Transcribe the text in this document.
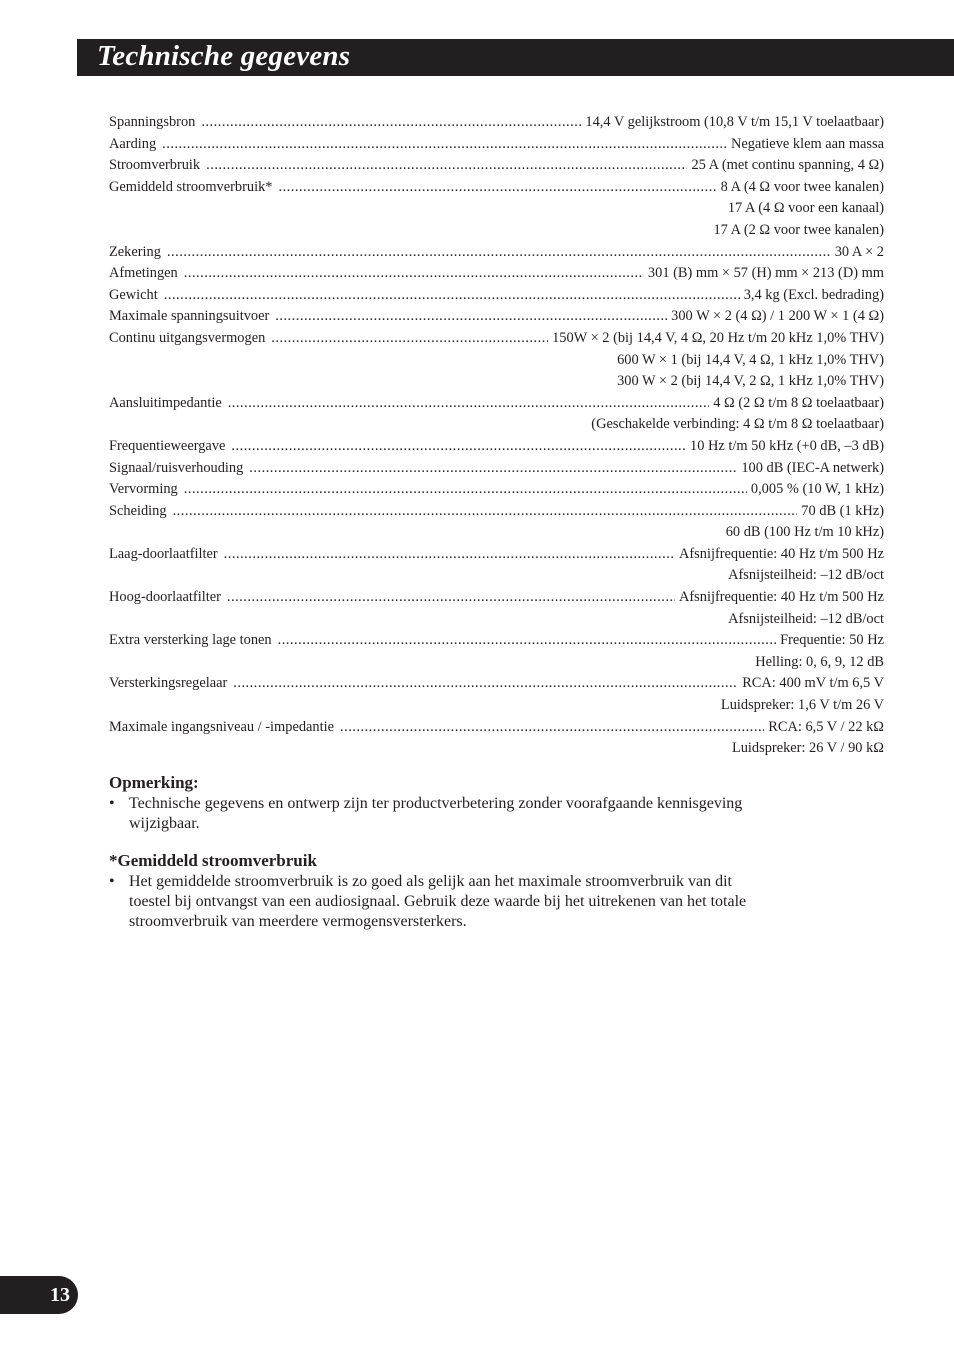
Technische gegevens
Spanningsbron .....	14,4 V gelijkstroom (10,8 V t/m 15,1 V toelaatbaar)
Aarding .....	Negatieve klem aan massa
Stroomverbruik .....	25 A (met continu spanning, 4 Ω)
Gemiddeld stroomverbruik* .....	8 A (4 Ω voor twee kanalen)
17 A (4 Ω voor een kanaal)
17 A (2 Ω voor twee kanalen)
Zekering .....	30 A × 2
Afmetingen .....	301 (B) mm × 57 (H) mm × 213 (D) mm
Gewicht .....	3,4 kg (Excl. bedrading)
Maximale spanningsuitvoer .....	300 W × 2 (4 Ω) / 1 200 W × 1 (4 Ω)
Continu uitgangsvermogen .....	150W × 2 (bij 14,4 V, 4 Ω, 20 Hz t/m 20 kHz 1,0% THV)
600 W × 1 (bij 14,4 V, 4 Ω, 1 kHz 1,0% THV)
300 W × 2 (bij 14,4 V, 2 Ω, 1 kHz 1,0% THV)
Aansluitimpedantie .....	4 Ω (2 Ω t/m 8 Ω toelaatbaar)
(Geschakelde verbinding: 4 Ω t/m 8 Ω toelaatbaar)
Frequentieweergave .....	10 Hz t/m 50 kHz (+0 dB, –3 dB)
Signaal/ruisverhouding .....	100 dB (IEC-A netwerk)
Vervorming .....	0,005 % (10 W, 1 kHz)
Scheiding .....	70 dB (1 kHz)
60 dB (100 Hz t/m 10 kHz)
Laag-doorlaatfilter .....	Afsnijfrequentie: 40 Hz t/m 500 Hz
Afsnijsteilheid: –12 dB/oct
Hoog-doorlaatfilter .....	Afsnijfrequentie: 40 Hz t/m 500 Hz
Afsnijsteilheid: –12 dB/oct
Extra versterking lage tonen .....	Frequentie: 50 Hz
Helling: 0, 6, 9, 12 dB
Versterkingsregelaar .....	RCA: 400 mV t/m 6,5 V
Luidspreker: 1,6 V t/m 26 V
Maximale ingangsniveau / -impedantie .....	RCA: 6,5 V / 22 kΩ
Luidspreker: 26 V / 90 kΩ
Opmerking:
• Technische gegevens en ontwerp zijn ter productverbetering zonder voorafgaande kennisgeving wijzigbaar.
*Gemiddeld stroomverbruik
• Het gemiddelde stroomverbruik is zo goed als gelijk aan het maximale stroomverbruik van dit toestel bij ontvangst van een audiosignaal. Gebruik deze waarde bij het uitrekenen van het totale stroomverbruik van meerdere vermogensversterkers.
13
